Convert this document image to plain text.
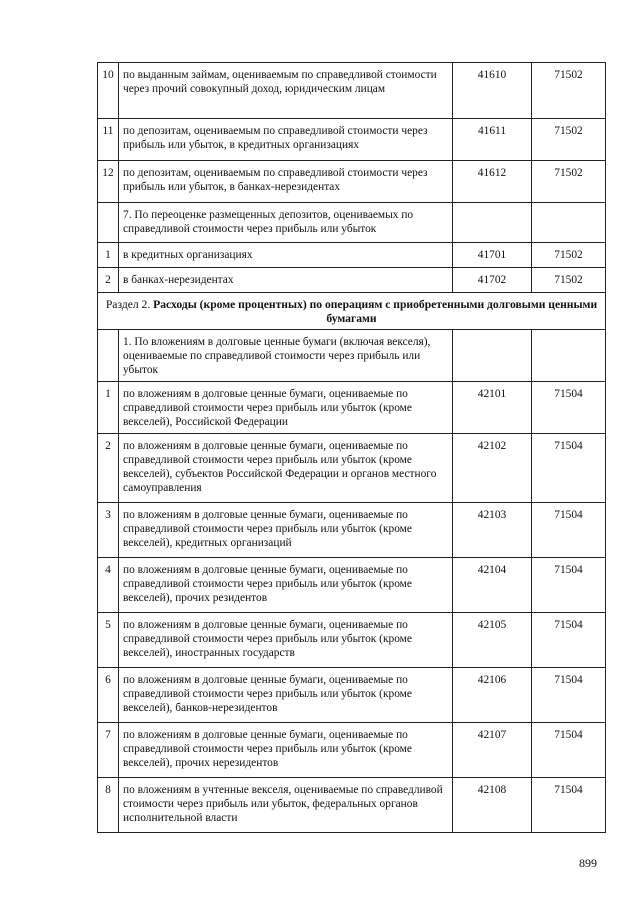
10	по выданным займам, оцениваемым по справедливой стоимости через прочий совокупный доход, юридическим лицам	41610	71502
11	по депозитам, оцениваемым по справедливой стоимости через прибыль или убыток, в кредитных организациях	41611	71502
12	по депозитам, оцениваемым по справедливой стоимости через прибыль или убыток, в банках-нерезидентах	41612	71502
	7. По переоценке размещенных депозитов, оцениваемых по справедливой стоимости через прибыль или убыток		
1	в кредитных организациях	41701	71502
2	в банках-нерезидентах	41702	71502
Раздел 2. Расходы (кроме процентных) по операциям с приобретенными долговыми ценными бумагами			
	1. По вложениям в долговые ценные бумаги (включая векселя), оцениваемые по справедливой стоимости через прибыль или убыток		
1	по вложениям в долговые ценные бумаги, оцениваемые по справедливой стоимости через прибыль или убыток (кроме векселей), Российской Федерации	42101	71504
2	по вложениям в долговые ценные бумаги, оцениваемые по справедливой стоимости через прибыль или убыток (кроме векселей), субъектов Российской Федерации и органов местного самоуправления	42102	71504
3	по вложениям в долговые ценные бумаги, оцениваемые по справедливой стоимости через прибыль или убыток (кроме векселей), кредитных организаций	42103	71504
4	по вложениям в долговые ценные бумаги, оцениваемые по справедливой стоимости через прибыль или убыток (кроме векселей), прочих резидентов	42104	71504
5	по вложениям в долговые ценные бумаги, оцениваемые по справедливой стоимости через прибыль или убыток (кроме векселей), иностранных государств	42105	71504
6	по вложениям в долговые ценные бумаги, оцениваемые по справедливой стоимости через прибыль или убыток (кроме векселей), банков-нерезидентов	42106	71504
7	по вложениям в долговые ценные бумаги, оцениваемые по справедливой стоимости через прибыль или убыток (кроме векселей), прочих нерезидентов	42107	71504
8	по вложениям в учтенные векселя, оцениваемые по справедливой стоимости через прибыль или убыток, федеральных органов исполнительной власти	42108	71504
899
